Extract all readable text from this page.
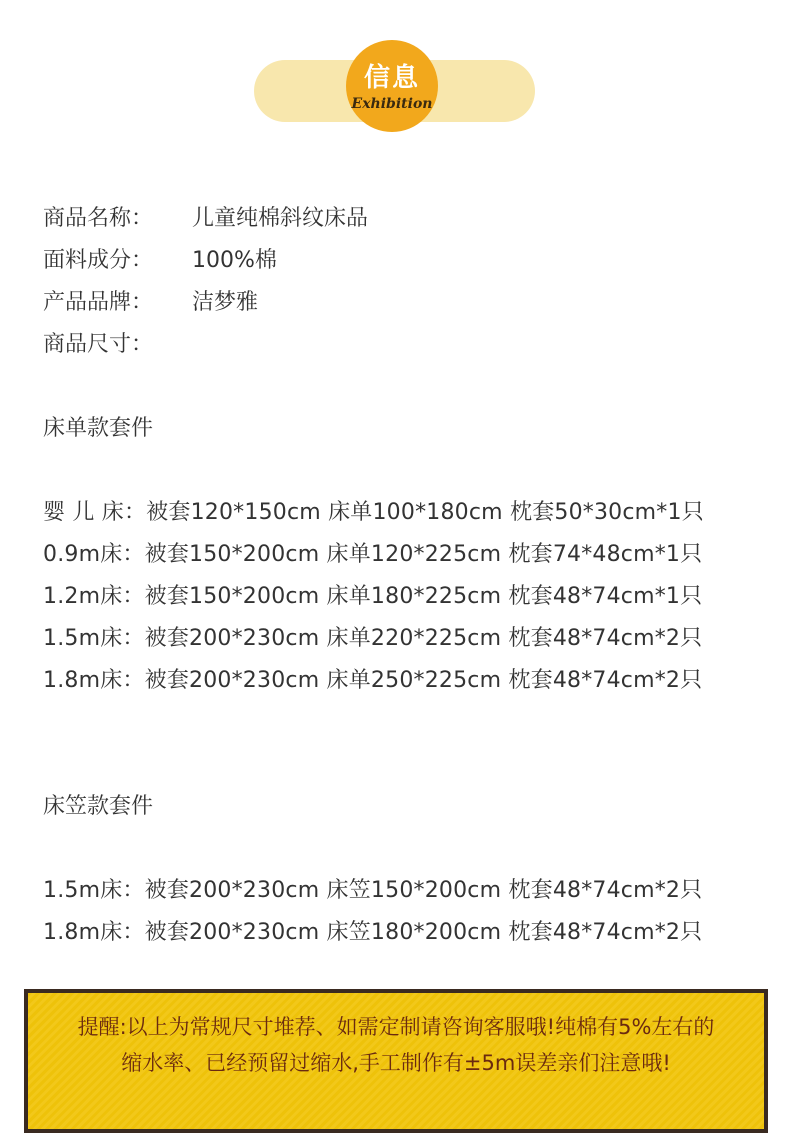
信息
Exhibition
商品名称： 儿童纯棉斜纹床品
面料成分： 100%棉
产品品牌： 洁梦雅
商品尺寸：
床单款套件
婴 儿 床：被套120*150cm 床单100*180cm 枕套50*30cm*1只
0.9m床：被套150*200cm 床单120*225cm 枕套74*48cm*1只
1.2m床：被套150*200cm 床单180*225cm 枕套48*74cm*1只
1.5m床：被套200*230cm 床单220*225cm 枕套48*74cm*2只
1.8m床：被套200*230cm 床单250*225cm 枕套48*74cm*2只
床笠款套件
1.5m床：被套200*230cm 床笠150*200cm 枕套48*74cm*2只
1.8m床：被套200*230cm 床笠180*200cm 枕套48*74cm*2只
提醒:以上为常规尺寸堆荐、如需定制请咨询客服哦!纯棉有5%左右的
缩水率、已经预留过缩水,手工制作有±5m误差亲们注意哦!
